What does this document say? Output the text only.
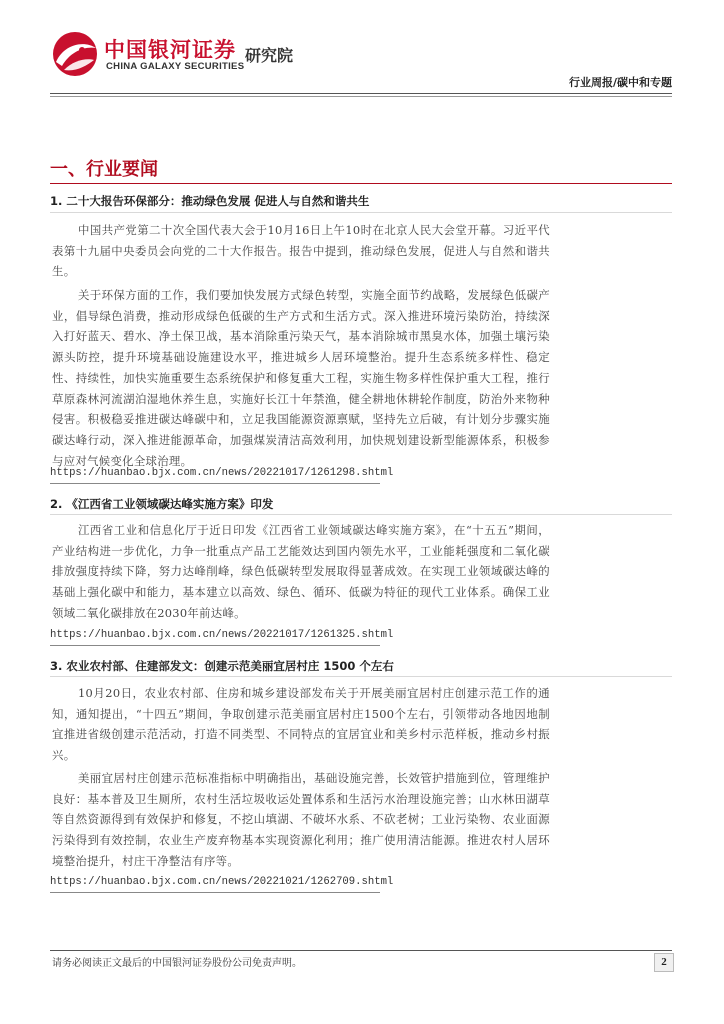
中国银河证券
CHINA GALAXY SECURITIES
研究院
行业周报/碳中和专题
一、行业要闻
1. 二十大报告环保部分：推动绿色发展 促进人与自然和谐共生

中国共产党第二十次全国代表大会于10月16日上午10时在北京人民大会堂开幕。习近平代表第十九届中央委员会向党的二十大作报告。报告中提到，推动绿色发展，促进人与自然和谐共生。

关于环保方面的工作，我们要加快发展方式绿色转型，实施全面节约战略，发展绿色低碳产业，倡导绿色消费，推动形成绿色低碳的生产方式和生活方式。深入推进环境污染防治，持续深入打好蓝天、碧水、净土保卫战，基本消除重污染天气，基本消除城市黑臭水体，加强土壤污染源头防控，提升环境基础设施建设水平，推进城乡人居环境整治。提升生态系统多样性、稳定性、持续性，加快实施重要生态系统保护和修复重大工程，实施生物多样性保护重大工程，推行草原森林河流湖泊湿地休养生息，实施好长江十年禁渔，健全耕地休耕轮作制度，防治外来物种侵害。积极稳妥推进碳达峰碳中和，立足我国能源资源禀赋，坚持先立后破，有计划分步骤实施碳达峰行动，深入推进能源革命，加强煤炭清洁高效利用，加快规划建设新型能源体系，积极参与应对气候变化全球治理。

https://huanbao.bjx.com.cn/news/20221017/1261298.shtml
2. 《江西省工业领域碳达峰实施方案》印发

江西省工业和信息化厅于近日印发《江西省工业领域碳达峰实施方案》，在“十五五”期间，产业结构进一步优化，力争一批重点产品工艺能效达到国内领先水平，工业能耗强度和二氧化碳排放强度持续下降，努力达峰削峰，绿色低碳转型发展取得显著成效。在实现工业领域碳达峰的基础上强化碳中和能力，基本建立以高效、绿色、循环、低碳为特征的现代工业体系。确保工业领域二氧化碳排放在2030年前达峰。

https://huanbao.bjx.com.cn/news/20221017/1261325.shtml
3. 农业农村部、住建部发文：创建示范美丽宜居村庄 1500 个左右

10月20日，农业农村部、住房和城乡建设部发布关于开展美丽宜居村庄创建示范工作的通知，通知提出，“十四五”期间，争取创建示范美丽宜居村庄1500个左右，引领带动各地因地制宜推进省级创建示范活动，打造不同类型、不同特点的宜居宜业和美乡村示范样板，推动乡村振兴。

美丽宜居村庄创建示范标准指标中明确指出，基础设施完善，长效管护措施到位，管理维护良好：基本普及卫生厕所，农村生活垃圾收运处置体系和生活污水治理设施完善；山水林田湖草等自然资源得到有效保护和修复，不挖山填湖、不破坏水系、不砍老树；工业污染物、农业面源污染得到有效控制，农业生产废弃物基本实现资源化利用；推广使用清洁能源。推进农村人居环境整治提升，村庄干净整洁有序等。

https://huanbao.bjx.com.cn/news/20221021/1262709.shtml
请务必阅读正文最后的中国银河证券股份公司免责声明。	2
